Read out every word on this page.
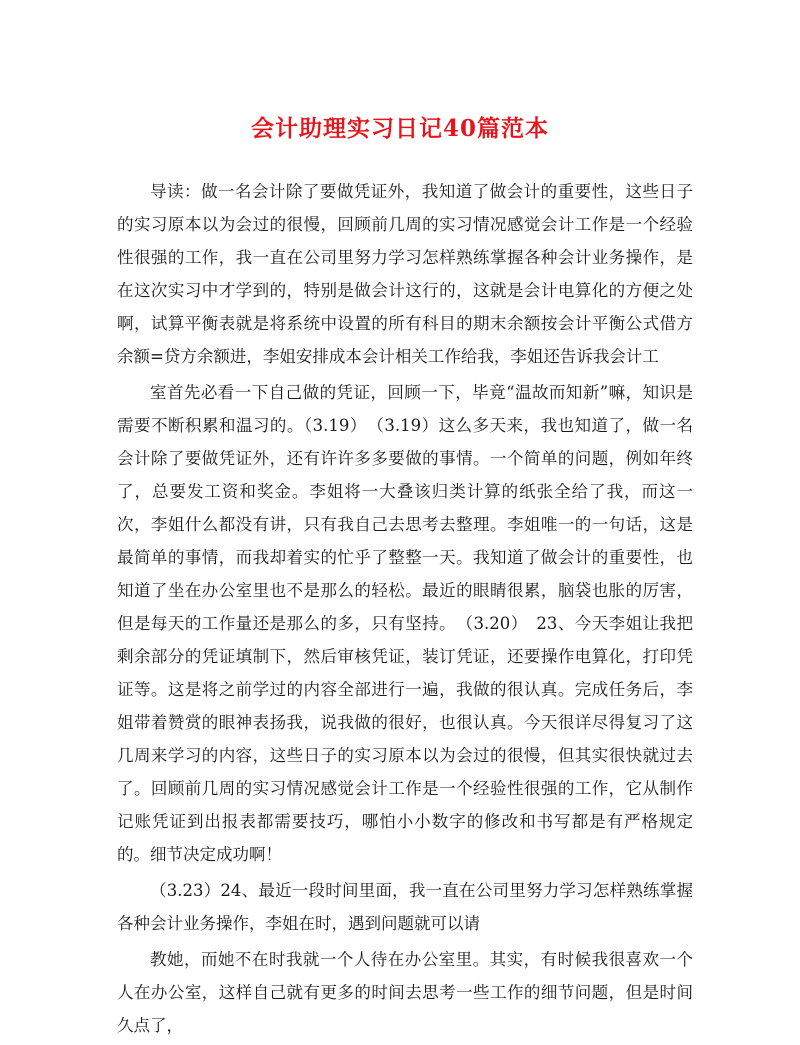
会计助理实习日记40篇范本

导读：做一名会计除了要做凭证外，我知道了做会计的重要性，这些日子的实习原本以为会过的很慢，回顾前几周的实习情况感觉会计工作是一个经验性很强的工作，我一直在公司里努力学习怎样熟练掌握各种会计业务操作，是在这次实习中才学到的，特别是做会计这行的，这就是会计电算化的方便之处啊，试算平衡表就是将系统中设置的所有科目的期末余额按会计平衡公式借方余额=贷方余额进，李姐安排成本会计相关工作给我，李姐还告诉我会计工

室首先必看一下自己做的凭证，回顾一下，毕竟“温故而知新”嘛，知识是需要不断积累和温习的。（3.19）　（3.19）这么多天来，我也知道了，做一名会计除了要做凭证外，还有许许多多要做的事情。一个简单的问题，例如年终了，总要发工资和奖金。李姐将一大叠该归类计算的纸张全给了我，而这一次，李姐什么都没有讲，只有我自己去思考去整理。李姐唯一的一句话，这是最简单的事情，而我却着实的忙乎了整整一天。我知道了做会计的重要性，也知道了坐在办公室里也不是那么的轻松。最近的眼睛很累，脑袋也胀的厉害，但是每天的工作量还是那么的多，只有坚持。　（3.20）　23、今天李姐让我把剩余部分的凭证填制下，然后审核凭证，装订凭证，还要操作电算化，打印凭证等。这是将之前学过的内容全部进行一遍，我做的很认真。完成任务后，李姐带着赞赏的眼神表扬我，说我做的很好，也很认真。今天很详尽得复习了这几周来学习的内容，这些日子的实习原本以为会过的很慢，但其实很快就过去了。回顾前几周的实习情况感觉会计工作是一个经验性很强的工作，它从制作记账凭证到出报表都需要技巧，哪怕小小数字的修改和书写都是有严格规定的。细节决定成功啊！

（3.23）24、最近一段时间里面，我一直在公司里努力学习怎样熟练掌握各种会计业务操作，李姐在时，遇到问题就可以请

教她，而她不在时我就一个人待在办公室里。其实，有时候我很喜欢一个人在办公室，这样自己就有更多的时间去思考一些工作的细节问题，但是时间久点了，
